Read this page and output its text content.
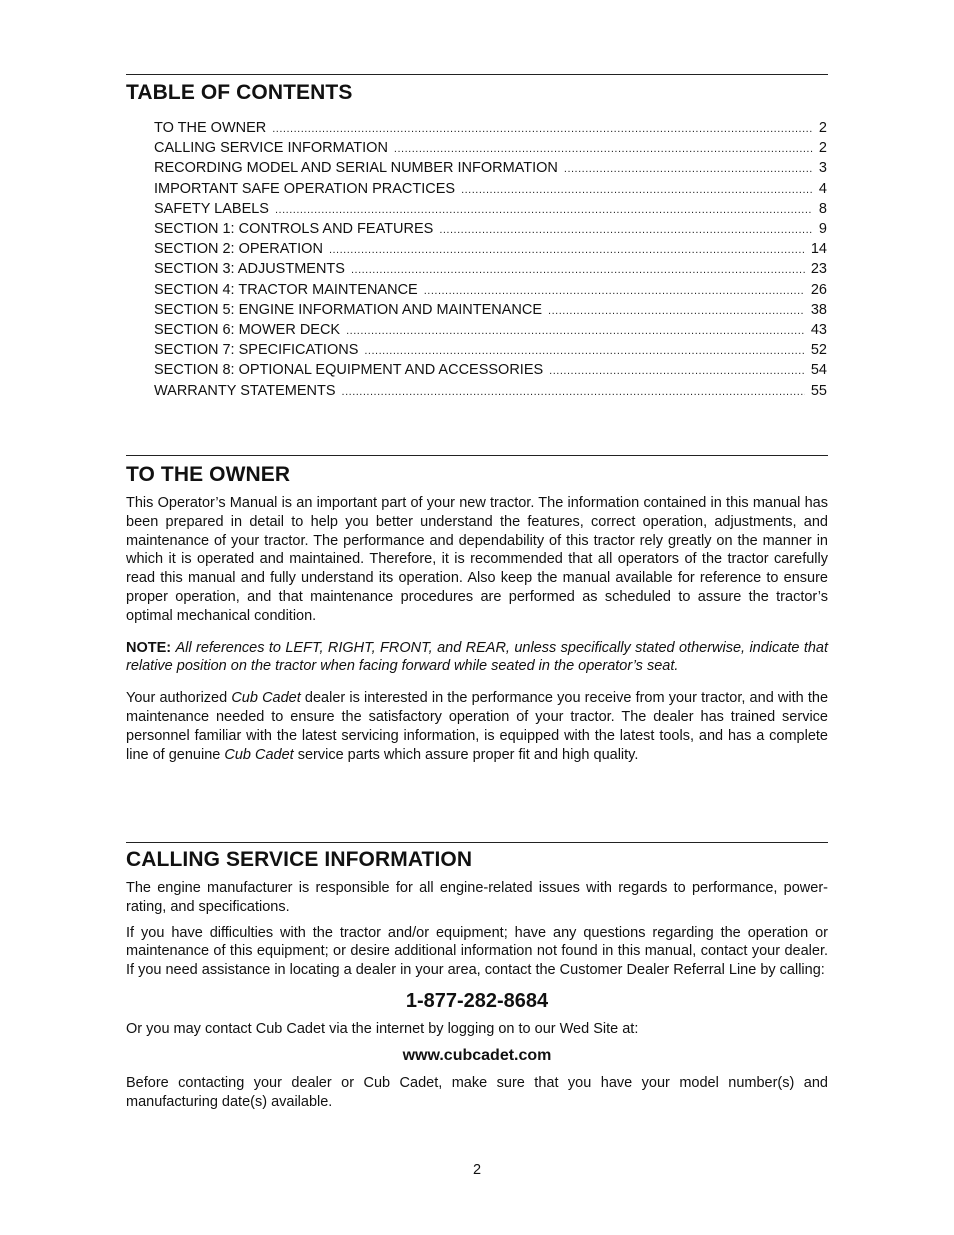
TABLE OF CONTENTS
TO THE OWNER .....	2
CALLING SERVICE INFORMATION .....	2
RECORDING MODEL AND SERIAL NUMBER INFORMATION .....	3
IMPORTANT SAFE OPERATION PRACTICES .....	4
SAFETY LABELS .....	8
SECTION 1: CONTROLS AND FEATURES .....	9
SECTION 2: OPERATION .....	14
SECTION 3: ADJUSTMENTS .....	23
SECTION 4: TRACTOR MAINTENANCE .....	26
SECTION 5: ENGINE INFORMATION AND MAINTENANCE .....	38
SECTION 6: MOWER DECK .....	43
SECTION 7: SPECIFICATIONS .....	52
SECTION 8: OPTIONAL EQUIPMENT AND ACCESSORIES .....	54
WARRANTY STATEMENTS .....	55
TO THE OWNER

This Operator’s Manual is an important part of your new tractor. The information contained in this manual has been prepared in detail to help you better understand the features, correct operation, adjustments, and maintenance of your tractor. The performance and dependability of this tractor rely greatly on the manner in which it is operated and maintained. Therefore, it is recommended that all operators of the tractor carefully read this manual and fully understand its operation. Also keep the manual available for reference to ensure proper operation, and that maintenance procedures are performed as scheduled to assure the tractor’s optimal mechanical condition.

NOTE: All references to LEFT, RIGHT, FRONT, and REAR, unless specifically stated otherwise, indicate that relative position on the tractor when facing forward while seated in the operator’s seat.

Your authorized Cub Cadet dealer is interested in the performance you receive from your tractor, and with the maintenance needed to ensure the satisfactory operation of your tractor. The dealer has trained service personnel familiar with the latest servicing information, is equipped with the latest tools, and has a complete line of genuine Cub Cadet service parts which assure proper fit and high quality.

CALLING SERVICE INFORMATION

The engine manufacturer is responsible for all engine-related issues with regards to performance, power-rating, and specifications.

If you have difficulties with the tractor and/or equipment; have any questions regarding the operation or maintenance of this equipment; or desire additional information not found in this manual, contact your dealer. If you need assistance in locating a dealer in your area, contact the Customer Dealer Referral Line by calling:

1-877-282-8684

Or you may contact Cub Cadet via the internet by logging on to our Wed Site at:

www.cubcadet.com

Before contacting your dealer or Cub Cadet, make sure that you have your model number(s) and manufacturing date(s) available.

2
